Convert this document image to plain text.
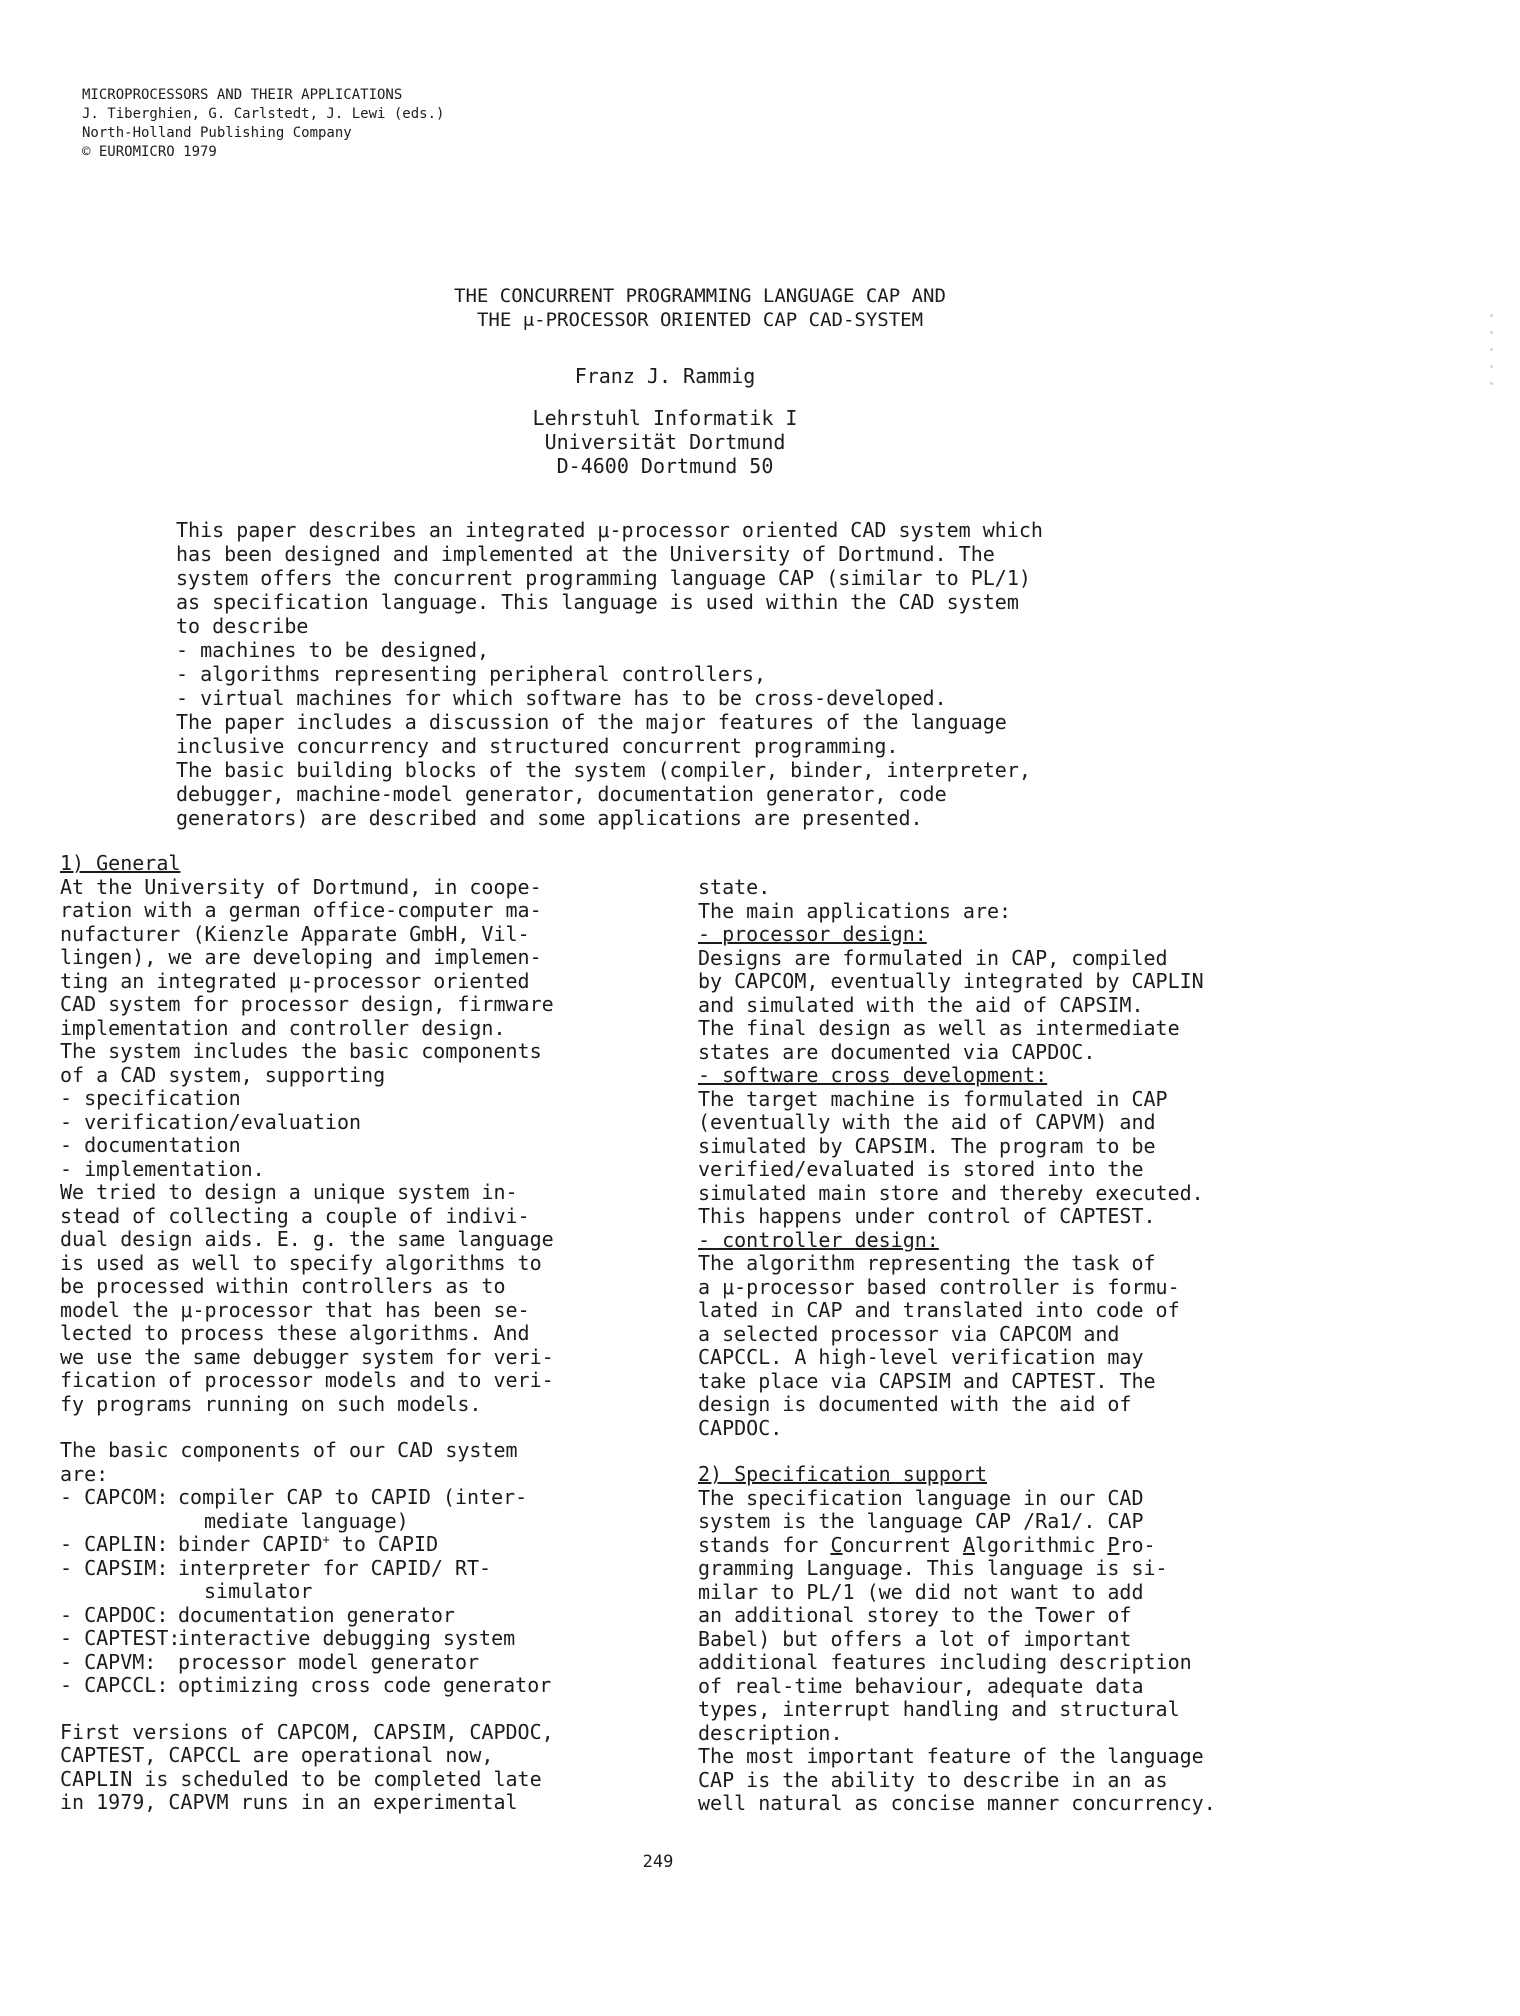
MICROPROCESSORS AND THEIR APPLICATIONS
J. Tiberghien, G. Carlstedt, J. Lewi (eds.)
North-Holland Publishing Company
© EUROMICRO 1979
THE CONCURRENT PROGRAMMING LANGUAGE CAP AND
THE μ-PROCESSOR ORIENTED CAP CAD-SYSTEM
Franz J. Rammig
Lehrstuhl Informatik I
Universität Dortmund
D-4600 Dortmund 50
This paper describes an integrated μ-processor oriented CAD system which
has been designed and implemented at the University of Dortmund. The
system offers the concurrent programming language CAP (similar to PL/1)
as specification language. This language is used within the CAD system
to describe
- machines to be designed,
- algorithms representing peripheral controllers,
- virtual machines for which software has to be cross-developed.
The paper includes a discussion of the major features of the language
inclusive concurrency and structured concurrent programming.
The basic building blocks of the system (compiler, binder, interpreter,
debugger, machine-model generator, documentation generator, code
generators) are described and some applications are presented.
1) General
At the University of Dortmund, in coope-
ration with a german office-computer ma-
nufacturer (Kienzle Apparate GmbH, Vil-
lingen), we are developing and implemen-
ting an integrated μ-processor oriented
CAD system for processor design, firmware
implementation and controller design.
The system includes the basic components
of a CAD system, supporting
- specification
- verification/evaluation
- documentation
- implementation.
We tried to design a unique system in-
stead of collecting a couple of indivi-
dual design aids. E. g. the same language
is used as well to specify algorithms to
be processed within controllers as to
model the μ-processor that has been se-
lected to process these algorithms. And
we use the same debugger system for veri-
fication of processor models and to veri-
fy programs running on such models.
The basic components of our CAD system
are:
- CAPCOM: compiler CAP to CAPID (inter-
mediate language)
- CAPLIN: binder CAPID+ to CAPID
- CAPSIM: interpreter for CAPID/ RT-
simulator
- CAPDOC: documentation generator
- CAPTEST:
interactive debugging system
- CAPVM:	processor model generator
- CAPCCL: optimizing cross code generator
First versions of CAPCOM, CAPSIM, CAPDOC,
CAPTEST, CAPCCL are operational now,
CAPLIN is scheduled to be completed late
in 1979, CAPVM runs in an experimental
state.
The main applications are:
- processor design:
Designs are formulated in CAP, compiled
by CAPCOM, eventually integrated by CAPLIN
and simulated with the aid of CAPSIM.
The final design as well as intermediate
states are documented via CAPDOC.
- software cross development:
The target machine is formulated in CAP
(eventually with the aid of CAPVM) and
simulated by CAPSIM. The program to be
verified/evaluated is stored into the
simulated main store and thereby executed.
This happens under control of CAPTEST.
- controller design:
The algorithm representing the task of
a μ-processor based controller is formu-
lated in CAP and translated into code of
a selected processor via CAPCOM and
CAPCCL. A high-level verification may
take place via CAPSIM and CAPTEST. The
design is documented with the aid of
CAPDOC.
2) Specification support
The specification language in our CAD
system is the language CAP /Ra1/. CAP
stands for Concurrent Algorithmic Pro-
gramming Language. This language is si-
milar to PL/1 (we did not want to add
an additional storey to the Tower of
Babel) but offers a lot of important
additional features including description
of real-time behaviour, adequate data
types, interrupt handling and structural
description.
The most important feature of the language
CAP is the ability to describe in an as
well natural as concise manner concurrency.
249
